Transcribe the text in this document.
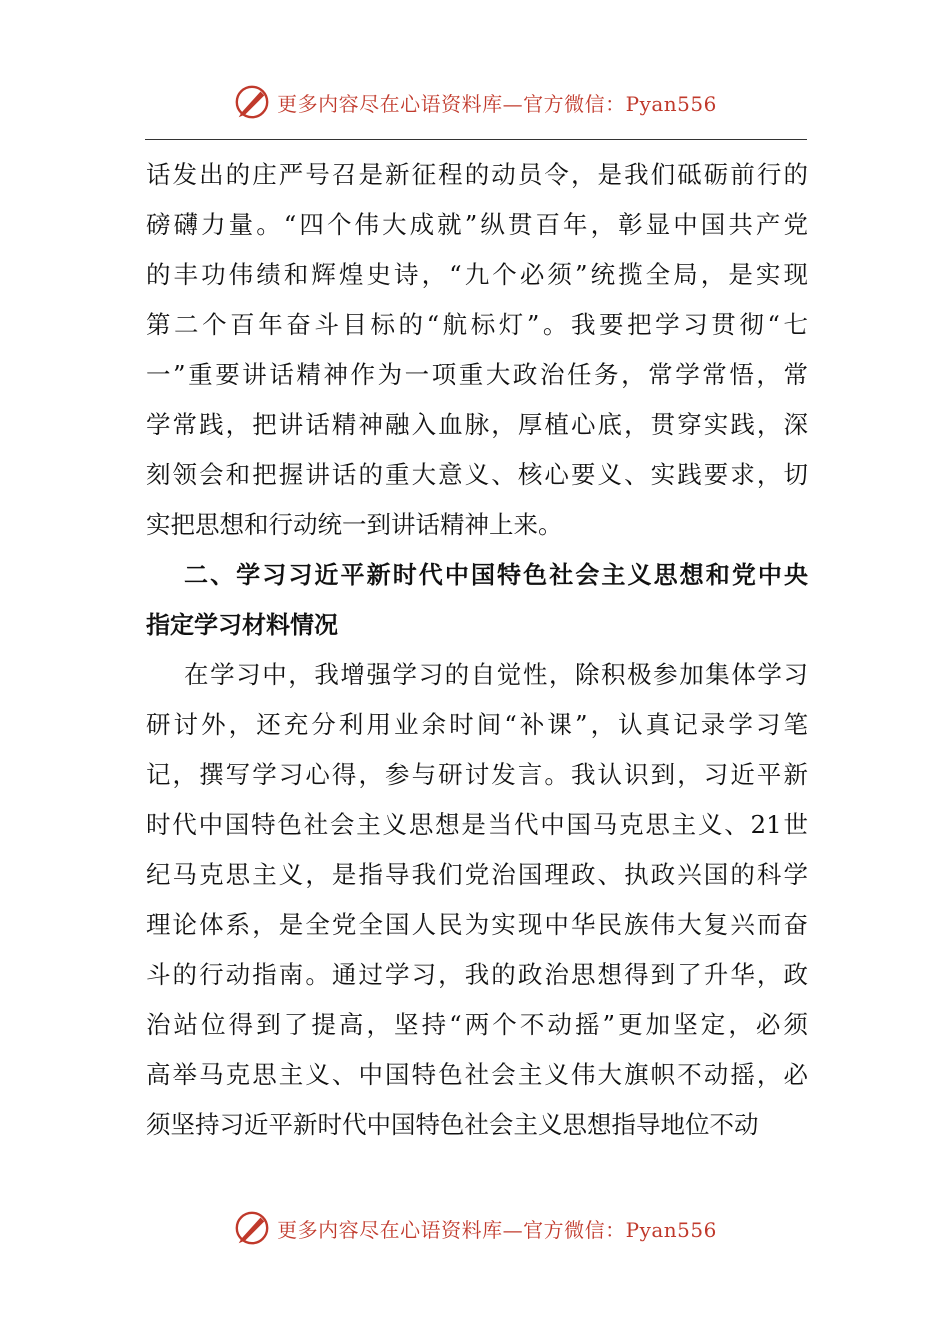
更多内容尽在心语资料库—官方微信：Pyan556
话发出的庄严号召是新征程的动员令，是我们砥砺前行的
磅礴力量。“四个伟大成就”纵贯百年，彰显中国共产党
的丰功伟绩和辉煌史诗，“九个必须”统揽全局，是实现
第二个百年奋斗目标的“航标灯”。我要把学习贯彻“七
一”重要讲话精神作为一项重大政治任务，常学常悟，常
学常践，把讲话精神融入血脉，厚植心底，贯穿实践，深
刻领会和把握讲话的重大意义、核心要义、实践要求，切
实把思想和行动统一到讲话精神上来。
二、学习习近平新时代中国特色社会主义思想和党中央
指定学习材料情况
在学习中，我增强学习的自觉性，除积极参加集体学习
研讨外，还充分利用业余时间“补课”，认真记录学习笔
记，撰写学习心得，参与研讨发言。我认识到，习近平新
时代中国特色社会主义思想是当代中国马克思主义、21世
纪马克思主义，是指导我们党治国理政、执政兴国的科学
理论体系，是全党全国人民为实现中华民族伟大复兴而奋
斗的行动指南。通过学习，我的政治思想得到了升华，政
治站位得到了提高，坚持“两个不动摇”更加坚定，必须
高举马克思主义、中国特色社会主义伟大旗帜不动摇，必
须坚持习近平新时代中国特色社会主义思想指导地位不动
更多内容尽在心语资料库—官方微信：Pyan556
